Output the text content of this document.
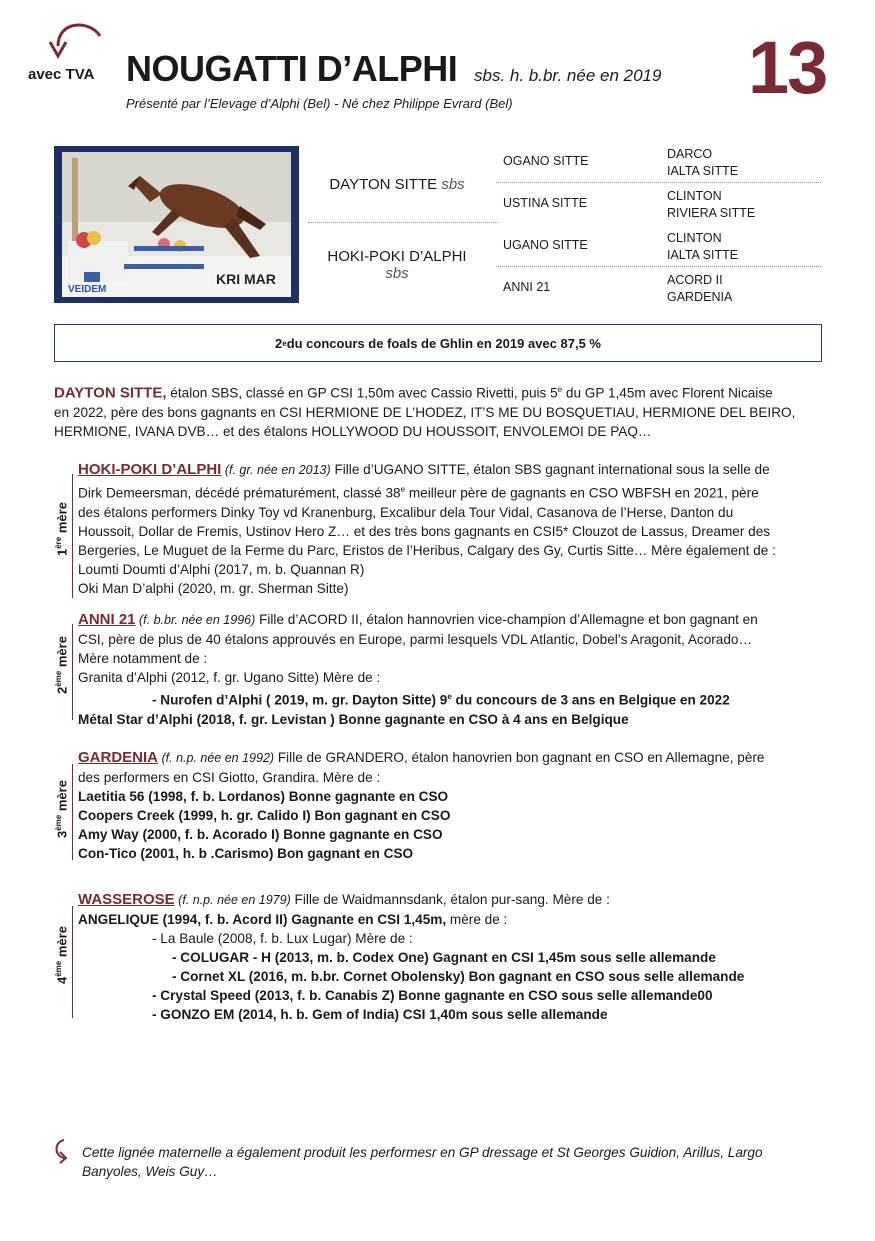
avec TVA NOUGATTI D’ALPHI sbs. h. b.br. née en 2019
Présenté par l’Elevage d’Alphi (Bel) - Né chez Philippe Evrard (Bel)	13
VEIDEM
KRI MAR
DAYTON SITTE sbs
HOKI-POKI D’ALPHI
sbs
OGANO SITTE
USTINA SITTE
UGANO SITTE
ANNI 21
DARCO
IALTA SITTE
CLINTON
RIVIERA SITTE
CLINTON
IALTA SITTE
ACORD II
GARDENIA
2 e du concours de foals de Ghlin en 2019 avec 87,5 %
DAYTON SITTE, étalon SBS, classé en GP CSI 1,50m avec Cassio Rivetti, puis 5e du GP 1,45m avec Florent Nicaise
en 2022, père des bons gagnants en CSI HERMIONE DE L’HODEZ, IT’S ME DU BOSQUETIAU, HERMIONE DEL BEIRO,
HERMIONE, IVANA DVB… et des étalons HOLLYWOOD DU HOUSSOIT, ENVOLEMOI DE PAQ…
1ère mère
HOKI-POKI D’ALPHI (f. gr. née en 2013) Fille d’UGANO SITTE, étalon SBS gagnant international sous la selle de
Dirk Demeersman, décédé prématurément, classé 38e meilleur père de gagnants en CSO WBFSH en 2021, père
des étalons performers Dinky Toy vd Kranenburg, Excalibur dela Tour Vidal, Casanova de l’Herse, Danton du
Houssoit, Dollar de Fremis, Ustinov Hero Z… et des très bons gagnants en CSI5* Clouzot de Lassus, Dreamer des
Bergeries, Le Muguet de la Ferme du Parc, Eristos de l’Heribus, Calgary des Gy, Curtis Sitte… Mère également de :
Loumti Doumti d’Alphi (2017, m. b. Quannan R)
Oki Man D’alphi (2020, m. gr. Sherman Sitte)
2ème mère
ANNI 21 (f. b.br. née en 1996) Fille d’ACORD II, étalon hannovrien vice-champion d’Allemagne et bon gagnant en
CSI, père de plus de 40 étalons approuvés en Europe, parmi lesquels VDL Atlantic, Dobel’s Aragonit, Acorado…
Mère notamment de :
Granita d’Alphi (2012, f. gr. Ugano Sitte) Mère de :
- Nurofen d’Alphi ( 2019, m. gr. Dayton Sitte) 9e du concours de 3 ans en Belgique en 2022
Métal Star d’Alphi (2018, f. gr. Levistan ) Bonne gagnante en CSO à 4 ans en Belgique
3ème mère
GARDENIA (f. n.p. née en 1992) Fille de GRANDERO, étalon hanovrien bon gagnant en CSO en Allemagne, père
des performers en CSI Giotto, Grandira. Mère de :
Laetitia 56 (1998, f. b. Lordanos) Bonne gagnante en CSO
Coopers Creek (1999, h. gr. Calido I) Bon gagnant en CSO
Amy Way (2000, f. b. Acorado I) Bonne gagnante en CSO
Con-Tico (2001, h. b .Carismo) Bon gagnant en CSO
4ème mère
WASSEROSE (f. n.p. née en 1979) Fille de Waidmannsdank, étalon pur-sang. Mère de :
ANGELIQUE (1994, f. b. Acord II) Gagnante en CSI 1,45m, mère de :
- La Baule (2008, f. b. Lux Lugar) Mère de :
- COLUGAR - H (2013, m. b. Codex One) Gagnant en CSI 1,45m sous selle allemande
- Cornet XL (2016, m. b.br. Cornet Obolensky) Bon gagnant en CSO sous selle allemande
- Crystal Speed (2013, f. b. Canabis Z) Bonne gagnante en CSO sous selle allemande00
- GONZO EM (2014, h. b. Gem of India) CSI 1,40m sous selle allemande
Cette lignée maternelle a également produit les performesr en GP dressage et St Georges Guidion, Arillus, Largo
Banyoles, Weis Guy…
